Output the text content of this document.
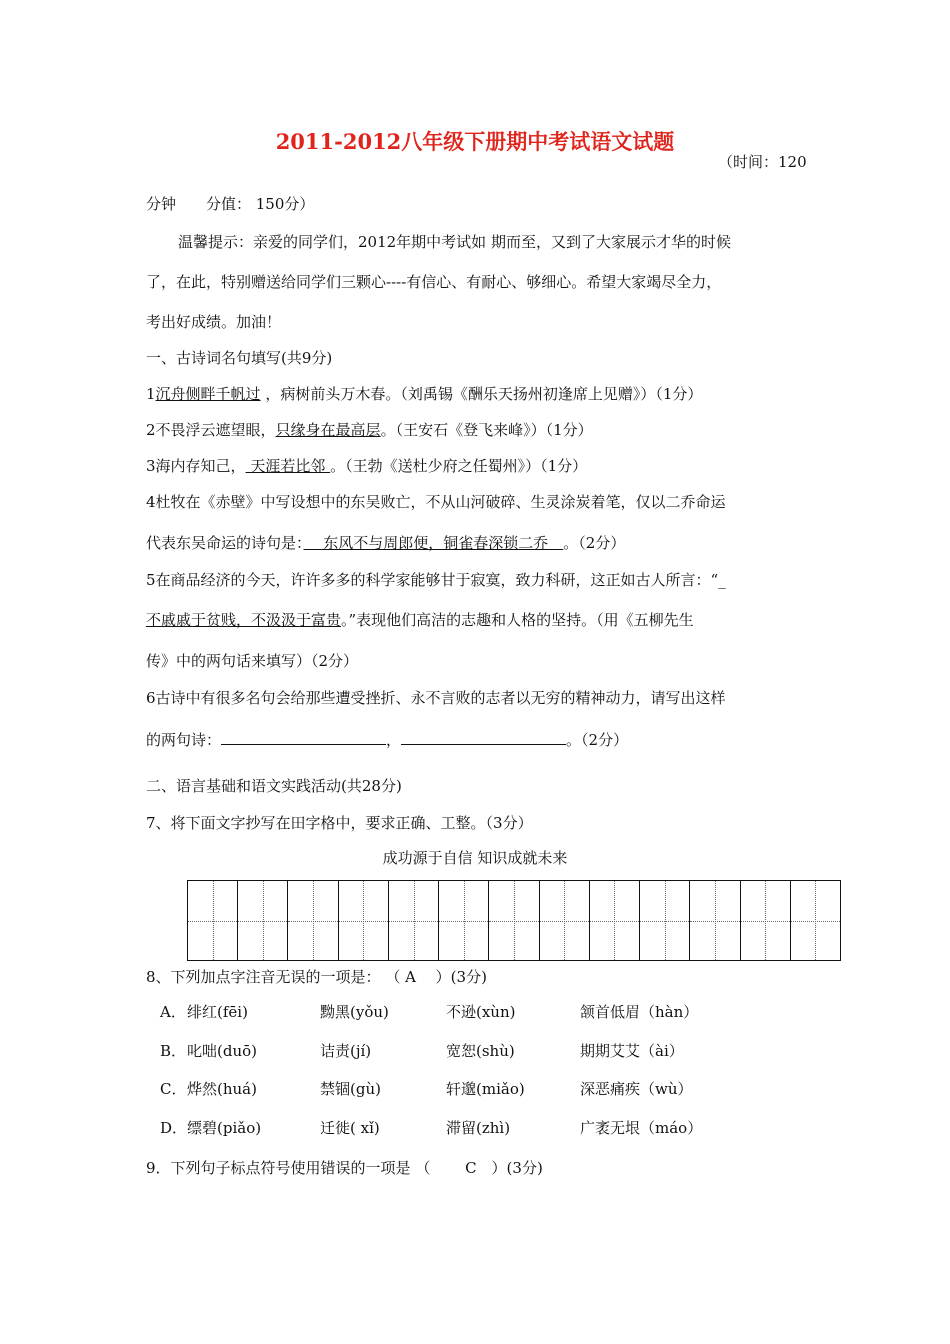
2011-2012八年级下册期中考试语文试题
（时间：120
分钟　　分值： 150分）
温馨提示：亲爱的同学们，2012年期中考试如 期而至，又到了大家展示才华的时候
了，在此，特别赠送给同学们三颗心----有信心、有耐心、够细心。希望大家竭尽全力，
考出好成绩。加油！
一、古诗词名句填写(共9分)
1沉舟侧畔千帆过 ，病树前头万木春。（刘禹锡《酬乐天扬州初逢席上见赠》）（1分）
2不畏浮云遮望眼，只缘身在最高层。（王安石《登飞来峰》）（1分）
3海内存知己， 天涯若比邻 。（王勃《送杜少府之任蜀州》）（1分）
4杜牧在《赤壁》中写设想中的东吴败亡，不从山河破碎、生灵涂炭着笔，仅以二乔命运
代表东吴命运的诗句是：　 东风不与周郎便，铜雀春深锁二乔　。（2分）
5在商品经济的今天，许许多多的科学家能够甘于寂寞，致力科研，这正如古人所言：“_
不戚戚于贫贱，不汲汲于富贵。”表现他们高洁的志趣和人格的坚持。（用《五柳先生
传》中的两句话来填写）（2分）
6古诗中有很多名句会给那些遭受挫折、永不言败的志者以无穷的精神动力，请写出这样
的两句诗：	，	。（2分）
二、语言基础和语文实践活动(共28分)
7、将下面文字抄写在田字格中，要求正确、工整。（3分）
成功源于自信 知识成就未来
8、下列加点字注音无误的一项是： （ A 　）(3分)
A． 绯红(fēi)	黝黑(yǒu)	不逊(xùn)	颔首低眉（hàn）
B． 叱咄(duō)	诘责(jí)	宽恕(shù)	期期艾艾（ài）
C． 烨然(huá)	禁锢(gù)	轩邈(miǎo)	深恶痛疾（wù）
D． 缥碧(piǎo)	迁徙( xǐ)	滞留(zhì)	广袤无垠（máo）
9．下列句子标点符号使用错误的一项是 （　　 C　）(3分)
